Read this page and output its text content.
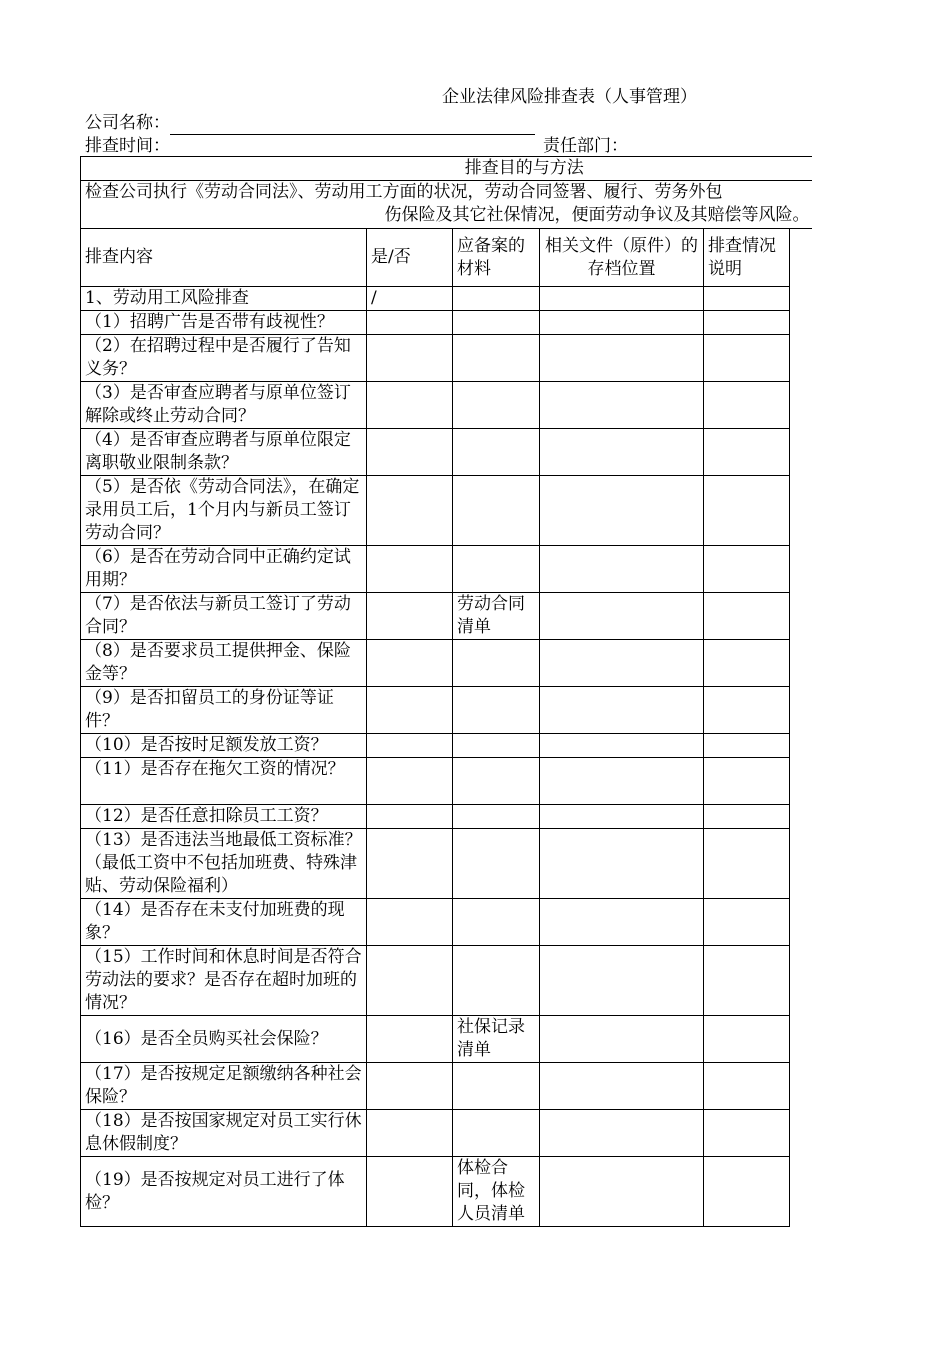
企业法律风险排查表（人事管理）
公司名称：
排查时间：	责任部门：
排查目的与方法					
检查公司执行《劳动合同法》、劳动用工方面的状况，劳动合同签署、履行、劳务外包
伤保险及其它社保情况，便面劳动争议及其赔偿等风险。					

排查内容	是/否	应备案的材料	相关文件（原件）的存档位置	排查情况说明	
1、劳动用工风险排查	/				
（1）招聘广告是否带有歧视性？					
（2）在招聘过程中是否履行了告知义务？					
（3）是否审查应聘者与原单位签订解除或终止劳动合同？					
（4）是否审查应聘者与原单位限定离职敬业限制条款？					
（5）是否依《劳动合同法》，在确定录用员工后，1个月内与新员工签订劳动合同？					
（6）是否在劳动合同中正确约定试用期？					
（7）是否依法与新员工签订了劳动合同？		劳动合同清单			
（8）是否要求员工提供押金、保险金等？					
（9）是否扣留员工的身份证等证件？					
（10）是否按时足额发放工资？					
（11）是否存在拖欠工资的情况？					
（12）是否任意扣除员工工资？					
（13）是否违法当地最低工资标准？（最低工资中不包括加班费、特殊津贴、劳动保险福利）					
（14）是否存在未支付加班费的现象？					
（15）工作时间和休息时间是否符合劳动法的要求？是否存在超时加班的情况？					
（16）是否全员购买社会保险？		社保记录清单			
（17）是否按规定足额缴纳各种社会保险？					
（18）是否按国家规定对员工实行休息休假制度？					
（19）是否按规定对员工进行了体检？		体检合同，体检人员清单			
